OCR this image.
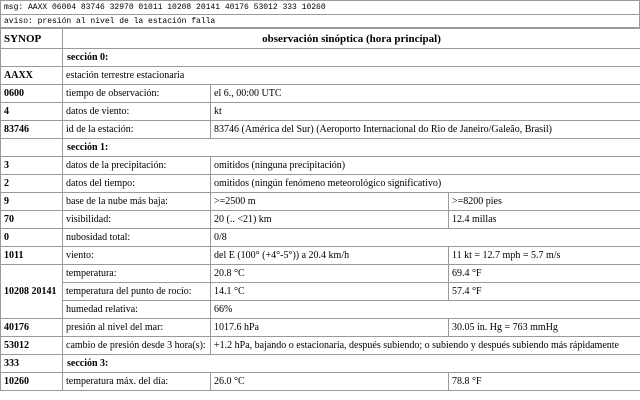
msg: AAXX 06004 83746 32970 01011 10208 20141 40176 53012 333 10260
aviso: presión al nivel de la estación falla
SYNOP	observación sinóptica (hora principal)		
	sección 0:		
AAXX	estación terrestre estacionaria		
0600	tiempo de observación:	el 6., 00:00 UTC	
4	datos de viento:	kt	
83746	id de la estación:	83746 (América del Sur) (Aeroporto Internacional do Rio de Janeiro/Galeão, Brasil)	
	sección 1:		
3	datos de la precipitación:	omitidos (ninguna precipitación)	
2	datos del tiempo:	omitidos (ningún fenómeno meteorológico significativo)	
9	base de la nube más baja:	>=2500 m	>=8200 pies
70	visibilidad:	20 (.. <21) km	12.4 millas
0	nubosidad total:	0/8	
1011	viento:	del E (100° (+4°-5°)) a 20.4 km/h	11 kt = 12.7 mph = 5.7 m/s
10208 20141	temperatura:	20.8 °C	69.4 °F
	temperatura del punto de rocío:	14.1 °C	57.4 °F
	humedad relativa:	66%	
40176	presión al nivel del mar:	1017.6 hPa	30.05 in. Hg = 763 mmHg
53012	cambio de presión desde 3 hora(s):	+1.2 hPa, bajando o estacionaria, después subiendo; o subiendo y después subiendo más rápidamente	
333	sección 3:		
10260	temperatura máx. del día:	26.0 °C	78.8 °F
